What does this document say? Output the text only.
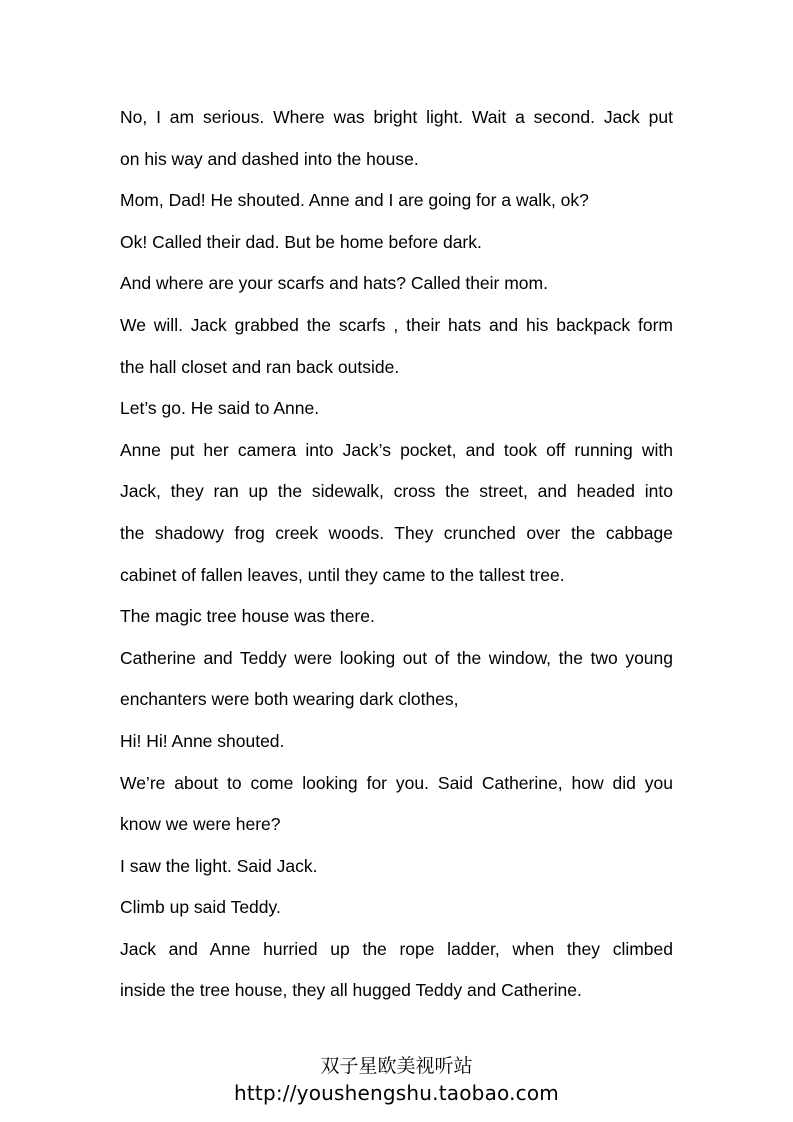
No, I am serious. Where was bright light. Wait a second. Jack put
on his way and dashed into the house.
Mom, Dad! He shouted. Anne and I are going for a walk, ok?
Ok! Called their dad. But be home before dark.
And where are your scarfs and hats? Called their mom.
We will. Jack grabbed the scarfs , their hats and his backpack form
the hall closet and ran back outside.
Let’s go. He said to Anne.
Anne put her camera into Jack’s pocket, and took off running with
Jack, they ran up the sidewalk, cross the street, and headed into
the shadowy frog creek woods. They crunched over the cabbage
cabinet of fallen leaves, until they came to the tallest tree.
The magic tree house was there.
Catherine and Teddy were looking out of the window, the two young
enchanters were both wearing dark clothes,
Hi! Hi! Anne shouted.
We’re about to come looking for you. Said Catherine, how did you
know we were here?
I saw the light. Said Jack.
Climb up said Teddy.
Jack and Anne hurried up the rope ladder, when they climbed
inside the tree house, they all hugged Teddy and Catherine.
双子星欧美视听站
http://youshengshu.taobao.com
